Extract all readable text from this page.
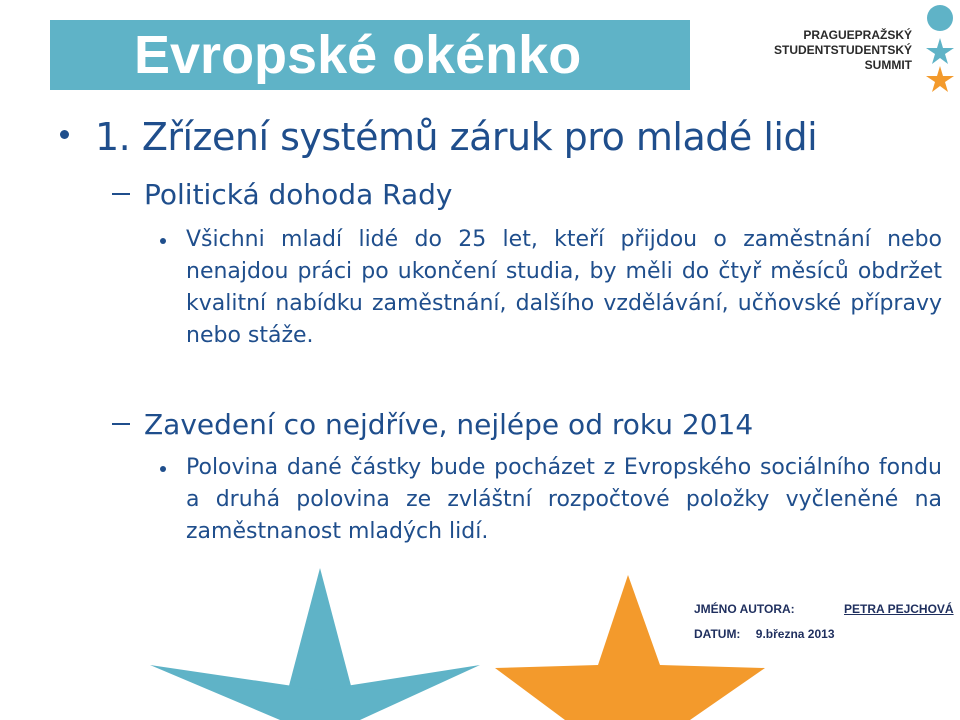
Evropské okénko	PRAGUEPRAŽSKÝ
STUDENTSTUDENTSKÝ
SUMMIT
1. Zřízení systémů záruk pro mladé lidi
Politická dohoda Rady
Všichni mladí lidé do 25 let, kteří přijdou o zaměstnání nebo nenajdou práci po ukončení studia, by měli do čtyř měsíců obdržet kvalitní nabídku zaměstnání, dalšího vzdělávání, učňovské přípravy nebo stáže.
Zavedení co nejdříve, nejlépe od roku 2014
Polovina dané částky bude pocházet z Evropského sociálního fondu a druhá polovina ze zvláštní rozpočtové položky vyčleněné na zaměstnanost mladých lidí.
JMÉNO AUTORA:	PETRA PEJCHOVÁ
DATUM: 9.března 2013
